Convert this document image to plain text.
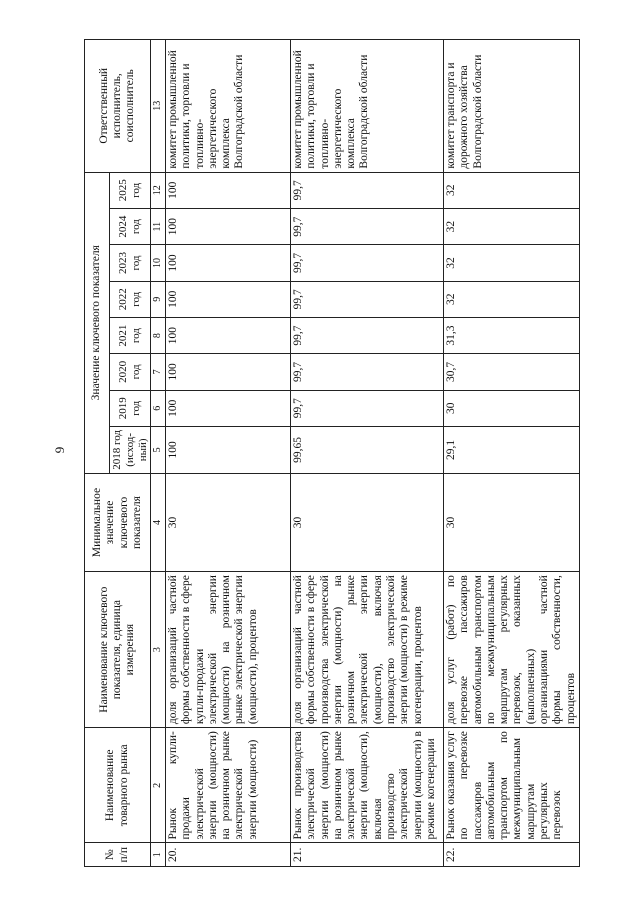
9
№ п/п	Наименование товарного рынка	Наименование ключевого показателя, единица измерения	Минимальное значение ключевого показателя	Значение ключевого показателя								Ответственный исполнитель, соисполнитель
				2018 год (исход-ный)	2019 год	2020 год	2021 год	2022 год	2023 год	2024 год	2025 год	
1	2	3	4	5	6	7	8	9	10	11	12	13
20.	Рынок купли-продажи электрической энергии (мощности) на розничном рынке электрической энергии (мощности)	доля организаций частной формы собственности в сфере купли-продажи электрической энергии (мощности) на розничном рынке электрической энергии (мощности), процентов	30	100	100	100	100	100	100	100	100	комитет промышленной политики, торговли и топливно-энергетического комплекса Волгоградской области
21.	Рынок производства электрической энергии (мощности) на розничном рынке электрической энергии (мощности), включая производство электрической энергии (мощности) в режиме когенерации	доля организаций частной формы собственности в сфере производства электрической энергии (мощности) на розничном рынке электрической энергии (мощности), включая производство электрической энергии (мощности) в режиме когенерации, процентов	30	99,65	99,7	99,7	99,7	99,7	99,7	99,7	99,7	комитет промышленной политики, торговли и топливно-энергетического комплекса Волгоградской области
22.	Рынок оказания услуг по перевозке пассажиров автомобильным транспортом по межмуниципальным маршрутам регулярных перевозок	доля услуг (работ) по перевозке пассажиров автомобильным транспортом по межмуниципальным маршрутам регулярных перевозок, оказанных (выполненных) организациями частной формы собственности, процентов	30	29,1	30	30,7	31,3	32	32	32	32	комитет транспорта и дорожного хозяйства Волгоградской области
